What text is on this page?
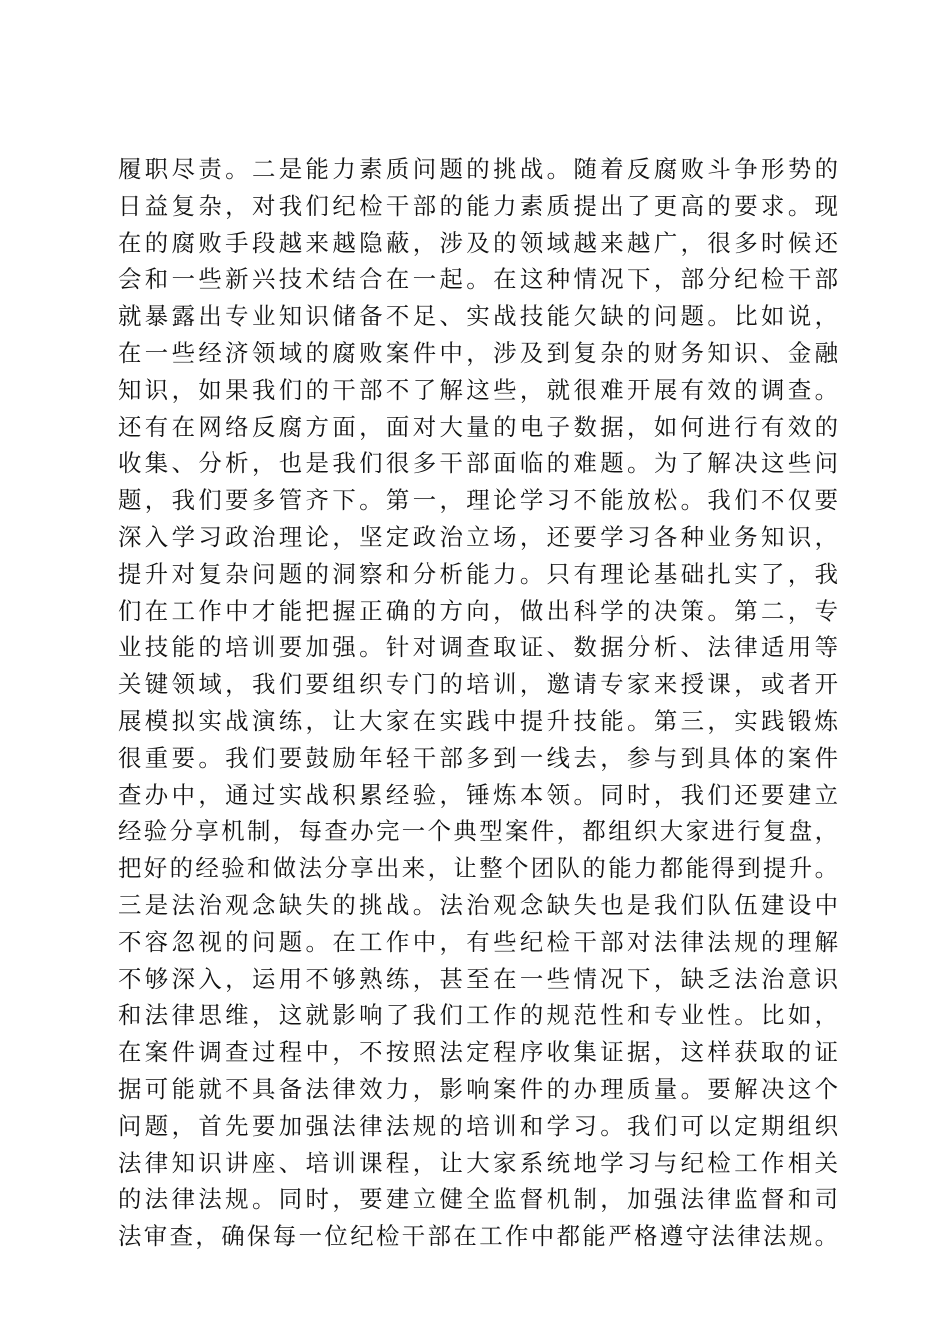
履职尽责。二是能力素质问题的挑战。随着反腐败斗争形势的
日益复杂，对我们纪检干部的能力素质提出了更高的要求。现
在的腐败手段越来越隐蔽，涉及的领域越来越广，很多时候还
会和一些新兴技术结合在一起。在这种情况下，部分纪检干部
就暴露出专业知识储备不足、实战技能欠缺的问题。比如说，
在一些经济领域的腐败案件中，涉及到复杂的财务知识、金融
知识，如果我们的干部不了解这些，就很难开展有效的调查。
还有在网络反腐方面，面对大量的电子数据，如何进行有效的
收集、分析，也是我们很多干部面临的难题。为了解决这些问
题，我们要多管齐下。第一，理论学习不能放松。我们不仅要
深入学习政治理论，坚定政治立场，还要学习各种业务知识，
提升对复杂问题的洞察和分析能力。只有理论基础扎实了，我
们在工作中才能把握正确的方向，做出科学的决策。第二，专
业技能的培训要加强。针对调查取证、数据分析、法律适用等
关键领域，我们要组织专门的培训，邀请专家来授课，或者开
展模拟实战演练，让大家在实践中提升技能。第三，实践锻炼
很重要。我们要鼓励年轻干部多到一线去，参与到具体的案件
查办中，通过实战积累经验，锤炼本领。同时，我们还要建立
经验分享机制，每查办完一个典型案件，都组织大家进行复盘，
把好的经验和做法分享出来，让整个团队的能力都能得到提升。
三是法治观念缺失的挑战。法治观念缺失也是我们队伍建设中
不容忽视的问题。在工作中，有些纪检干部对法律法规的理解
不够深入，运用不够熟练，甚至在一些情况下，缺乏法治意识
和法律思维，这就影响了我们工作的规范性和专业性。比如，
在案件调查过程中，不按照法定程序收集证据，这样获取的证
据可能就不具备法律效力，影响案件的办理质量。要解决这个
问题，首先要加强法律法规的培训和学习。我们可以定期组织
法律知识讲座、培训课程，让大家系统地学习与纪检工作相关
的法律法规。同时，要建立健全监督机制，加强法律监督和司
法审查，确保每一位纪检干部在工作中都能严格遵守法律法规。
